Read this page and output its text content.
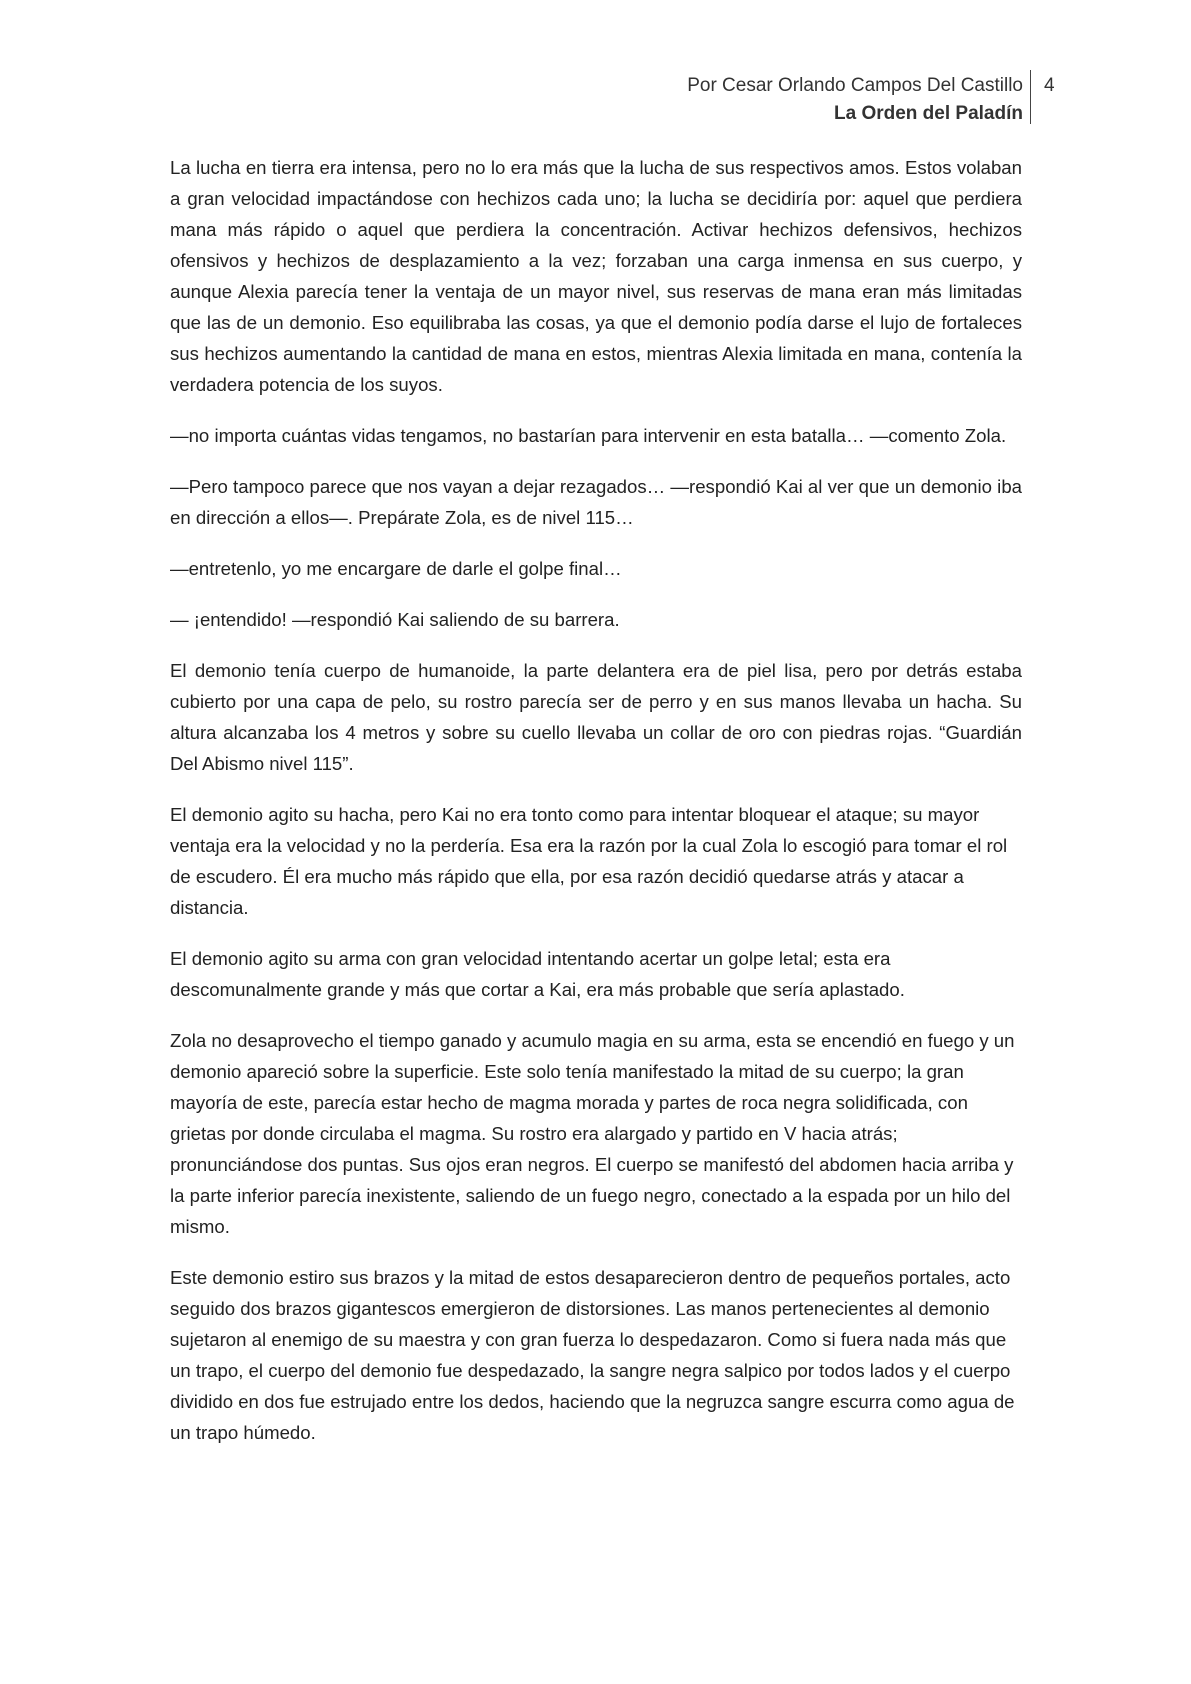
Por Cesar Orlando Campos Del Castillo
La Orden del Paladín
4

La lucha en tierra era intensa, pero no lo era más que la lucha de sus respectivos amos. Estos volaban a gran velocidad impactándose con hechizos cada uno; la lucha se decidiría por: aquel que perdiera mana más rápido o aquel que perdiera la concentración. Activar hechizos defensivos, hechizos ofensivos y hechizos de desplazamiento a la vez; forzaban una carga inmensa en sus cuerpo, y aunque Alexia parecía tener la ventaja de un mayor nivel, sus reservas de mana eran más limitadas que las de un demonio. Eso equilibraba las cosas, ya que el demonio podía darse el lujo de fortaleces sus hechizos aumentando la cantidad de mana en estos, mientras Alexia limitada en mana, contenía la verdadera potencia de los suyos.

—no importa cuántas vidas tengamos, no bastarían para intervenir en esta batalla… —comento Zola.

—Pero tampoco parece que nos vayan a dejar rezagados… —respondió Kai al ver que un demonio iba en dirección a ellos—. Prepárate Zola, es de nivel 115…

—entretenlo, yo me encargare de darle el golpe final…

— ¡entendido! —respondió Kai saliendo de su barrera.

El demonio tenía cuerpo de humanoide, la parte delantera era de piel lisa, pero por detrás estaba cubierto por una capa de pelo, su rostro parecía ser de perro y en sus manos llevaba un hacha. Su altura alcanzaba los 4 metros y sobre su cuello llevaba un collar de oro con piedras rojas. “Guardián Del Abismo nivel 115”.

El demonio agito su hacha, pero Kai no era tonto como para intentar bloquear el ataque; su mayor ventaja era la velocidad y no la perdería. Esa era la razón por la cual Zola lo escogió para tomar el rol de escudero. Él era mucho más rápido que ella, por esa razón decidió quedarse atrás y atacar a distancia.

El demonio agito su arma con gran velocidad intentando acertar un golpe letal; esta era descomunalmente grande y más que cortar a Kai, era más probable que sería aplastado.

Zola no desaprovecho el tiempo ganado y acumulo magia en su arma, esta se encendió en fuego y un demonio apareció sobre la superficie. Este solo tenía manifestado la mitad de su cuerpo; la gran mayoría de este, parecía estar hecho de magma morada y partes de roca negra solidificada, con grietas por donde circulaba el magma. Su rostro era alargado y partido en V hacia atrás; pronunciándose dos puntas. Sus ojos eran negros. El cuerpo se manifestó del abdomen hacia arriba y la parte inferior parecía inexistente, saliendo de un fuego negro, conectado a la espada por un hilo del mismo.

Este demonio estiro sus brazos y la mitad de estos desaparecieron dentro de pequeños portales, acto seguido dos brazos gigantescos emergieron de distorsiones. Las manos pertenecientes al demonio sujetaron al enemigo de su maestra y con gran fuerza lo despedazaron. Como si fuera nada más que un trapo, el cuerpo del demonio fue despedazado, la sangre negra salpico por todos lados y el cuerpo dividido en dos fue estrujado entre los dedos, haciendo que la negruzca sangre escurra como agua de un trapo húmedo.
